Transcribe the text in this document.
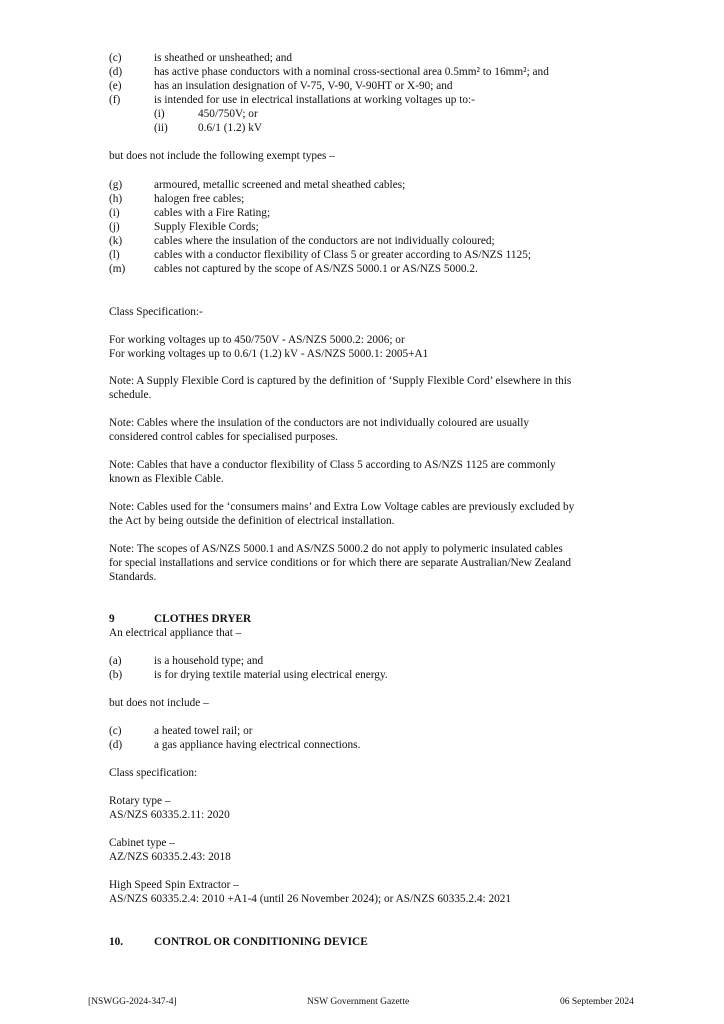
(c)	is sheathed or unsheathed; and
(d)	has active phase conductors with a nominal cross-sectional area 0.5mm² to 16mm²; and
(e)	has an insulation designation of V-75, V-90, V-90HT or X-90; and
(f)	is intended for use in electrical installations at working voltages up to:-
(i)	450/750V; or
(ii)	0.6/1 (1.2) kV
but does not include the following exempt types –
(g)	armoured, metallic screened and metal sheathed cables;
(h)	halogen free cables;
(i)	cables with a Fire Rating;
(j)	Supply Flexible Cords;
(k)	cables where the insulation of the conductors are not individually coloured;
(l)	cables with a conductor flexibility of Class 5 or greater according to AS/NZS 1125;
(m)	cables not captured by the scope of AS/NZS 5000.1 or AS/NZS 5000.2.
Class Specification:-
For working voltages up to 450/750V - AS/NZS 5000.2: 2006; or
For working voltages up to 0.6/1 (1.2) kV - AS/NZS 5000.1: 2005+A1
Note: A Supply Flexible Cord is captured by the definition of ‘Supply Flexible Cord’ elsewhere in this
schedule.
Note: Cables where the insulation of the conductors are not individually coloured are usually
considered control cables for specialised purposes.
Note: Cables that have a conductor flexibility of Class 5 according to AS/NZS 1125 are commonly
known as Flexible Cable.
Note: Cables used for the ‘consumers mains’ and Extra Low Voltage cables are previously excluded by
the Act by being outside the definition of electrical installation.
Note: The scopes of AS/NZS 5000.1 and AS/NZS 5000.2 do not apply to polymeric insulated cables
for special installations and service conditions or for which there are separate Australian/New Zealand
Standards.
9	CLOTHES DRYER
An electrical appliance that –
(a)	is a household type; and
(b)	is for drying textile material using electrical energy.
but does not include –
(c)	a heated towel rail; or
(d)	a gas appliance having electrical connections.
Class specification:
Rotary type –
AS/NZS 60335.2.11: 2020
Cabinet type –
AZ/NZS 60335.2.43: 2018
High Speed Spin Extractor –
AS/NZS 60335.2.4: 2010 +A1-4 (until 26 November 2024); or AS/NZS 60335.2.4: 2021
10.	CONTROL OR CONDITIONING DEVICE
[NSWGG-2024-347-4]	NSW Government Gazette	06 September 2024
